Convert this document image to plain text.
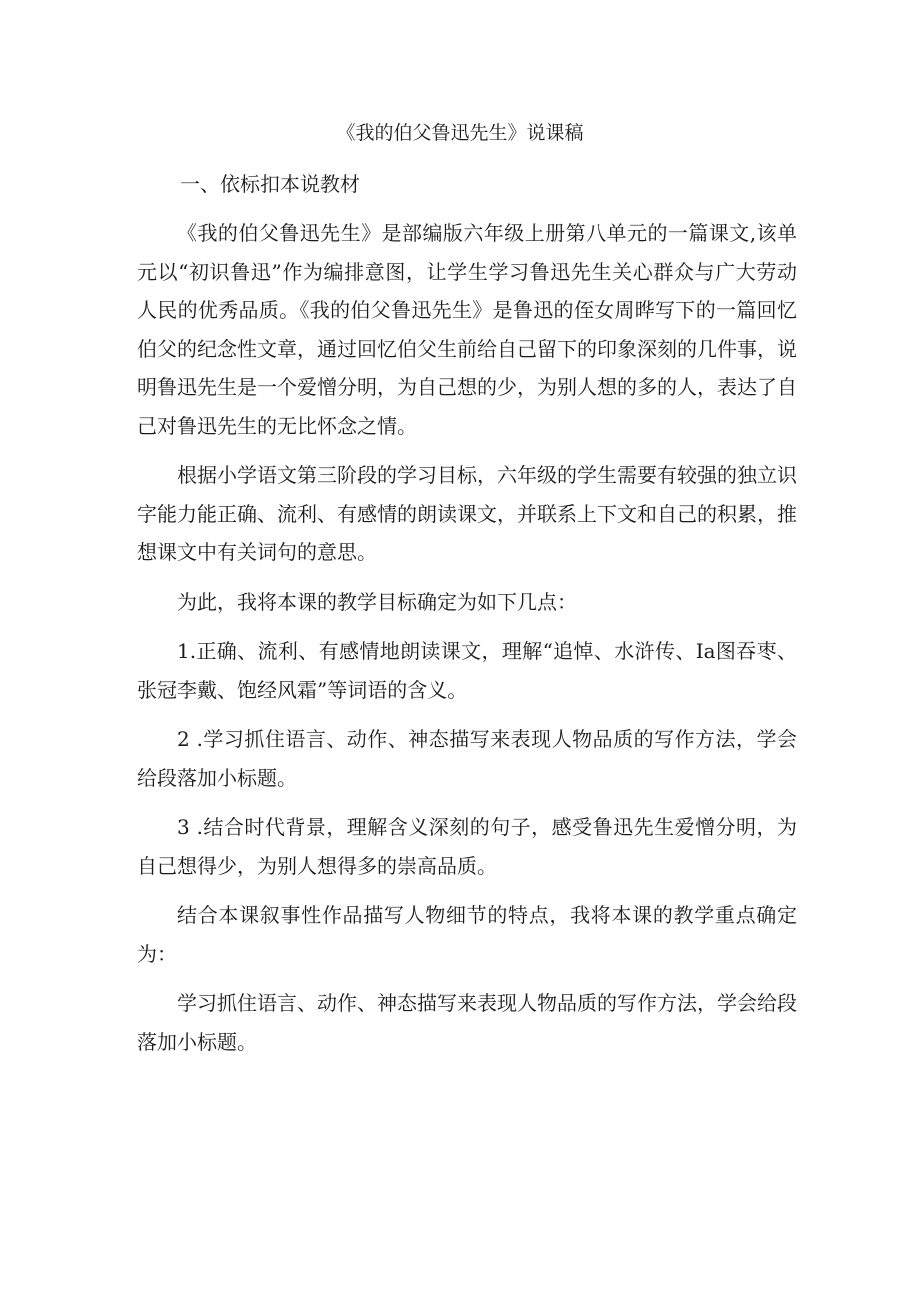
《我的伯父鲁迅先生》说课稿
一、依标扣本说教材

《我的伯父鲁迅先生》是部编版六年级上册第八单元的一篇课文,该单元以“初识鲁迅”作为编排意图，让学生学习鲁迅先生关心群众与广大劳动人民的优秀品质。《我的伯父鲁迅先生》是鲁迅的侄女周晔写下的一篇回忆伯父的纪念性文章，通过回忆伯父生前给自己留下的印象深刻的几件事，说明鲁迅先生是一个爱憎分明，为自己想的少，为别人想的多的人，表达了自己对鲁迅先生的无比怀念之情。

根据小学语文第三阶段的学习目标，六年级的学生需要有较强的独立识字能力能正确、流利、有感情的朗读课文，并联系上下文和自己的积累，推想课文中有关词句的意思。

为此，我将本课的教学目标确定为如下几点：

1.正确、流利、有感情地朗读课文，理解“追悼、水浒传、Ia图吞枣、张冠李戴、饱经风霜”等词语的含义。

2 .学习抓住语言、动作、神态描写来表现人物品质的写作方法，学会给段落加小标题。

3 .结合时代背景，理解含义深刻的句子，感受鲁迅先生爱憎分明，为自己想得少，为别人想得多的崇高品质。

结合本课叙事性作品描写人物细节的特点，我将本课的教学重点确定为：

学习抓住语言、动作、神态描写来表现人物品质的写作方法，学会给段落加小标题。
